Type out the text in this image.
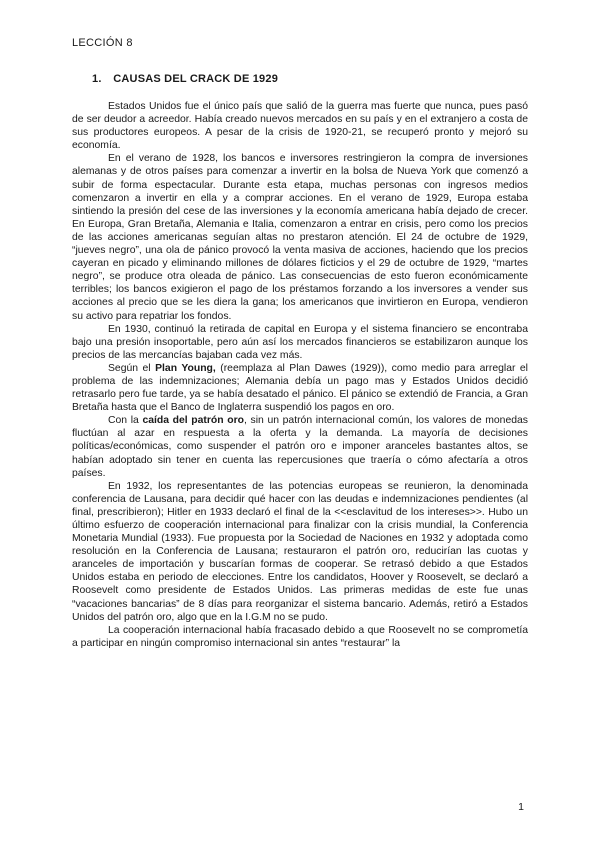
LECCIÓN 8
1. CAUSAS DEL CRACK DE 1929

Estados Unidos fue el único país que salió de la guerra mas fuerte que nunca, pues pasó de ser deudor a acreedor. Había creado nuevos mercados en su país y en el extranjero a costa de sus productores europeos. A pesar de la crisis de 1920-21, se recuperó pronto y mejoró su economía.

En el verano de 1928, los bancos e inversores restringieron la compra de inversiones alemanas y de otros países para comenzar a invertir en la bolsa de Nueva York que comenzó a subir de forma espectacular. Durante esta etapa, muchas personas con ingresos medios comenzaron a invertir en ella y a comprar acciones. En el verano de 1929, Europa estaba sintiendo la presión del cese de las inversiones y la economía americana había dejado de crecer. En Europa, Gran Bretaña, Alemania e Italia, comenzaron a entrar en crisis, pero como los precios de las acciones americanas seguían altas no prestaron atención. El 24 de octubre de 1929, “jueves negro”, una ola de pánico provocó la venta masiva de acciones, haciendo que los precios cayeran en picado y eliminando millones de dólares ficticios y el 29 de octubre de 1929, “martes negro”, se produce otra oleada de pánico. Las consecuencias de esto fueron económicamente terribles; los bancos exigieron el pago de los préstamos forzando a los inversores a vender sus acciones al precio que se les diera la gana; los americanos que invirtieron en Europa, vendieron su activo para repatriar los fondos.

En 1930, continuó la retirada de capital en Europa y el sistema financiero se encontraba bajo una presión insoportable, pero aún así los mercados financieros se estabilizaron aunque los precios de las mercancías bajaban cada vez más.

Según el Plan Young, (reemplaza al Plan Dawes (1929)), como medio para arreglar el problema de las indemnizaciones; Alemania debía un pago mas y Estados Unidos decidió retrasarlo pero fue tarde, ya se había desatado el pánico. El pánico se extendió de Francia, a Gran Bretaña hasta que el Banco de Inglaterra suspendió los pagos en oro.

Con la caída del patrón oro, sin un patrón internacional común, los valores de monedas fluctúan al azar en respuesta a la oferta y la demanda. La mayoría de decisiones políticas/económicas, como suspender el patrón oro e imponer aranceles bastantes altos, se habían adoptado sin tener en cuenta las repercusiones que traería o cómo afectaría a otros países.

En 1932, los representantes de las potencias europeas se reunieron, la denominada conferencia de Lausana, para decidir qué hacer con las deudas e indemnizaciones pendientes (al final, prescribieron); Hitler en 1933 declaró el final de la <<esclavitud de los intereses>>. Hubo un último esfuerzo de cooperación internacional para finalizar con la crisis mundial, la Conferencia Monetaria Mundial (1933). Fue propuesta por la Sociedad de Naciones en 1932 y adoptada como resolución en la Conferencia de Lausana; restauraron el patrón oro, reducirían las cuotas y aranceles de importación y buscarían formas de cooperar. Se retrasó debido a que Estados Unidos estaba en periodo de elecciones. Entre los candidatos, Hoover y Roosevelt, se declaró a Roosevelt como presidente de Estados Unidos. Las primeras medidas de este fue unas “vacaciones bancarias” de 8 días para reorganizar el sistema bancario. Además, retiró a Estados Unidos del patrón oro, algo que en la I.G.M no se pudo.

La cooperación internacional había fracasado debido a que Roosevelt no se comprometía a participar en ningún compromiso internacional sin antes “restaurar” la

1
